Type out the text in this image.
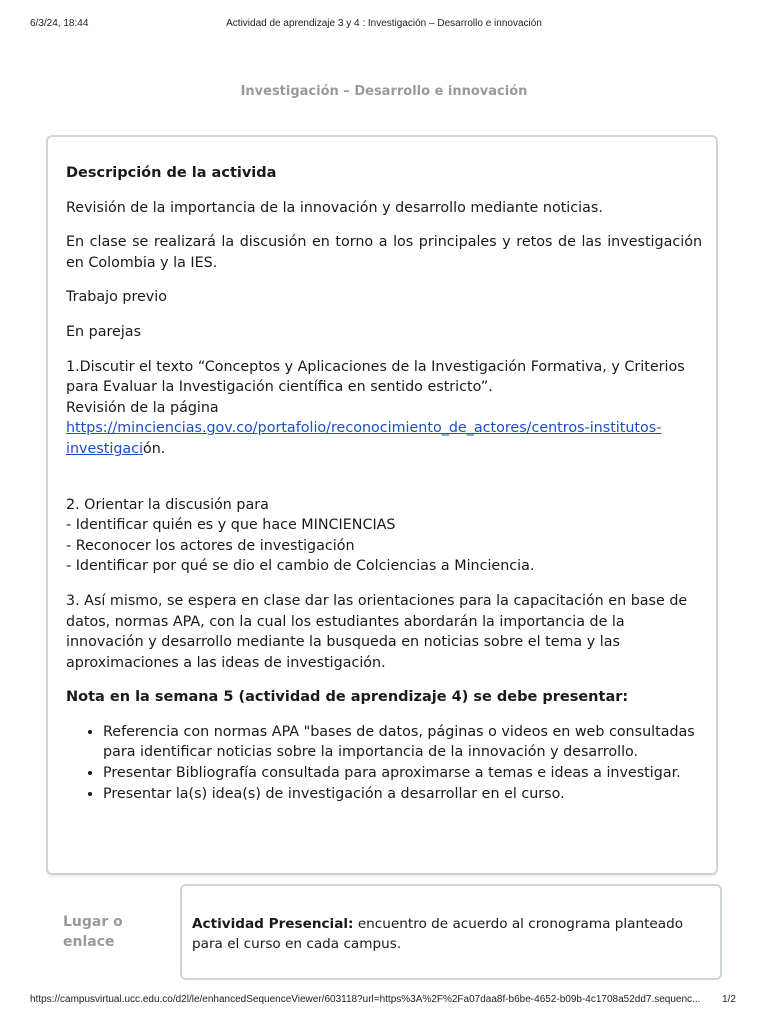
6/3/24, 18:44	Actividad de aprendizaje 3 y 4 : Investigación – Desarrollo e innovación
Investigación – Desarrollo e innovación

Descripción de la activida

Revisión de la importancia de la innovación y desarrollo mediante noticias.

En clase se realizará la discusión en torno a los principales y retos de las investigación en Colombia y la IES.

Trabajo previo

En parejas

1.Discutir el texto “Conceptos y Aplicaciones de la Investigación Formativa, y Criterios para Evaluar la Investigación científica en sentido estricto”.
Revisión de la página
https://minciencias.gov.co/portafolio/reconocimiento_de_actores/centros-institutos-investigación.

2. Orientar la discusión para
- Identificar quién es y que hace MINCIENCIAS
- Reconocer los actores de investigación
- Identificar por qué se dio el cambio de Colciencias a Minciencia.

3. Así mismo, se espera en clase dar las orientaciones para la capacitación en base de datos, normas APA, con la cual los estudiantes abordarán la importancia de la innovación y desarrollo mediante la busqueda en noticias sobre el tema y las aproximaciones a las ideas de investigación.

Nota en la semana 5 (actividad de aprendizaje 4) se debe presentar:

• Referencia con normas APA "bases de datos, páginas o videos en web consultadas para identificar noticias sobre la importancia de la innovación y desarrollo.
• Presentar Bibliografía consultada para aproximarse a temas e ideas a investigar.
• Presentar la(s) idea(s) de investigación a desarrollar en el curso.
Lugar o enlace
Actividad Presencial: encuentro de acuerdo al cronograma planteado para el curso en cada campus.
https://campusvirtual.ucc.edu.co/d2l/le/enhancedSequenceViewer/603118?url=https%3A%2F%2Fa07daa8f-b6be-4652-b09b-4c1708a52dd7.sequenc...	1/2
